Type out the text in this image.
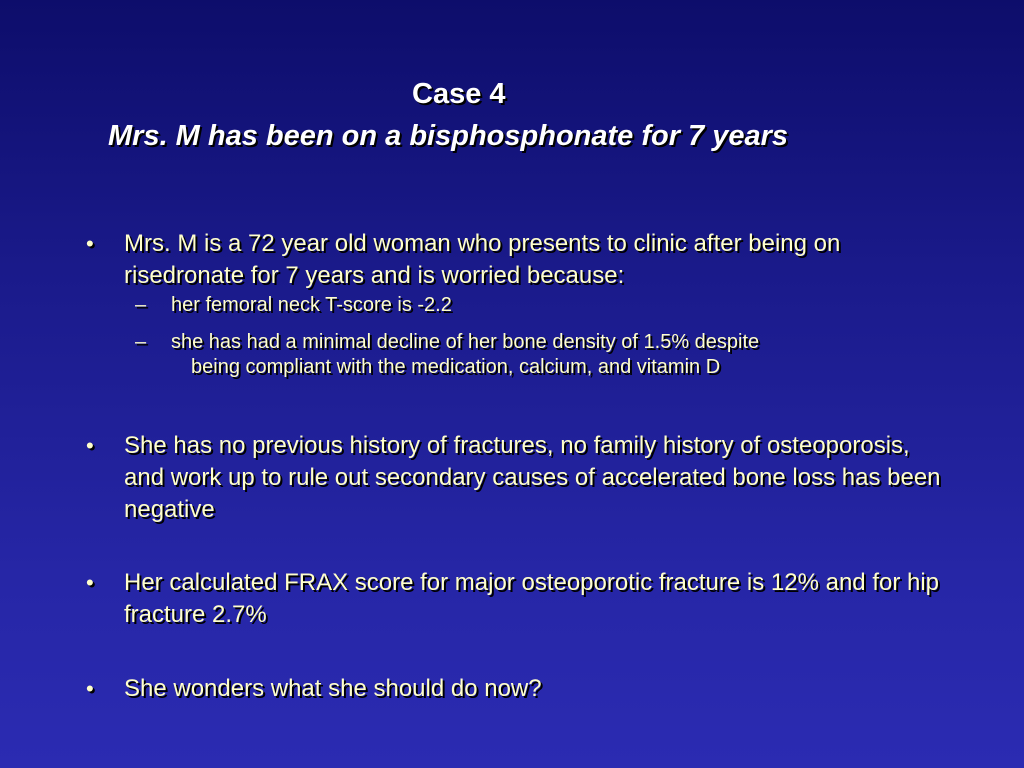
Case 4
Mrs. M has been on a bisphosphonate for 7 years
• Mrs. M is a 72 year old woman who presents to clinic after being on risedronate for 7 years and is worried because:
– her femoral neck T-score is -2.2
– she has had a minimal decline of her bone density of 1.5% despite
being compliant with the medication, calcium, and vitamin D
• She has no previous history of fractures, no family history of osteoporosis, and work up to rule out secondary causes of accelerated bone loss has been negative
• Her calculated FRAX score for major osteoporotic fracture is 12% and for hip fracture 2.7%
• She wonders what she should do now?
